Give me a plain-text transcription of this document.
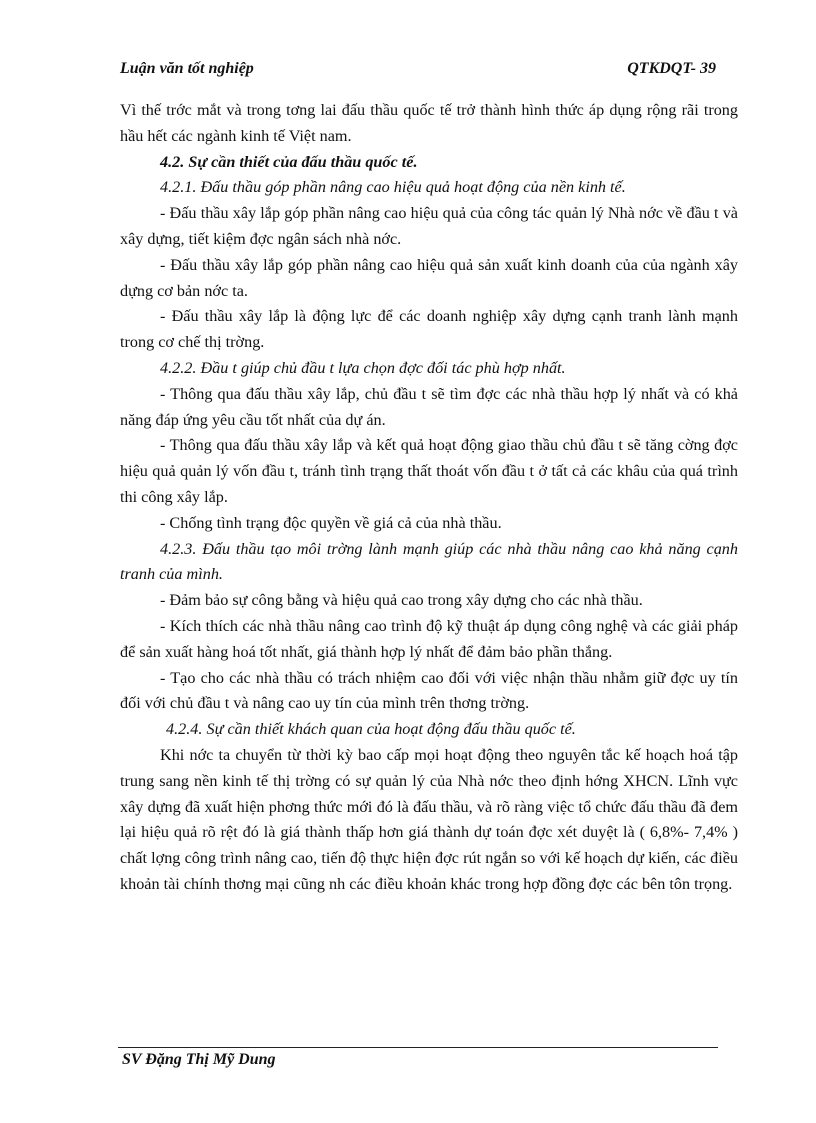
Luận văn tốt nghiệp	QTKDQT- 39

Vì thế trớc mắt và trong tơng lai đấu thầu quốc tế trở thành hình thức áp dụng rộng rãi trong hầu hết các ngành kinh tế Việt nam.

4.2. Sự cần thiết của đấu thầu quốc tế.

4.2.1. Đấu thầu góp phần nâng cao hiệu quả hoạt động của nền kinh tế.

- Đấu thầu xây lắp góp phần nâng cao hiệu quả của công tác quản lý Nhà nớc về đầu t và xây dựng, tiết kiệm đợc ngân sách nhà nớc.

- Đấu thầu xây lắp góp phần nâng cao hiệu quả sản xuất kinh doanh của của ngành xây dựng cơ bản nớc ta.

- Đấu thầu xây lắp là động lực để các doanh nghiệp xây dựng cạnh tranh lành mạnh trong cơ chế thị trờng.

4.2.2. Đầu t giúp chủ đầu t lựa chọn đợc đối tác phù hợp nhất.

- Thông qua đấu thầu xây lắp, chủ đầu t sẽ tìm đợc các nhà thầu hợp lý nhất và có khả năng đáp ứng yêu cầu tốt nhất của dự án.

- Thông qua đấu thầu xây lắp và kết quả hoạt động giao thầu chủ đầu t sẽ tăng cờng đợc hiệu quả quản lý vốn đầu t, tránh tình trạng thất thoát vốn đầu t ở tất cả các khâu của quá trình thi công xây lắp.

- Chống tình trạng độc quyền về giá cả của nhà thầu.

4.2.3. Đấu thầu tạo môi trờng lành mạnh giúp các nhà thầu nâng cao khả năng cạnh tranh của mình.

- Đảm bảo sự công bằng và hiệu quả cao trong xây dựng cho các nhà thầu.

- Kích thích các nhà thầu nâng cao trình độ kỹ thuật áp dụng công nghệ và các giải pháp để sản xuất hàng hoá tốt nhất, giá thành hợp lý nhất để đảm bảo phần thắng.

- Tạo cho các nhà thầu có trách nhiệm cao đối với việc nhận thầu nhằm giữ đợc uy tín đối với chủ đầu t và nâng cao uy tín của mình trên thơng trờng.

4.2.4. Sự cần thiết khách quan của hoạt động đấu thầu quốc tế.

Khi nớc ta chuyển từ thời kỳ bao cấp mọi hoạt động theo nguyên tắc kế hoạch hoá tập trung sang nền kinh tế thị trờng có sự quản lý của Nhà nớc theo định hớng XHCN. Lĩnh vực xây dựng đã xuất hiện phơng thức mới đó là đấu thầu, và rõ ràng việc tổ chức đấu thầu đã đem lại hiệu quả rõ rệt đó là giá thành thấp hơn giá thành dự toán đợc xét duyệt là ( 6,8%- 7,4% ) chất lợng công trình nâng cao, tiến độ thực hiện đợc rút ngắn so với kế hoạch dự kiến, các điều khoản tài chính thơng mại cũng nh các điều khoản khác trong hợp đồng đợc các bên tôn trọng.

SV Đặng Thị Mỹ Dung
